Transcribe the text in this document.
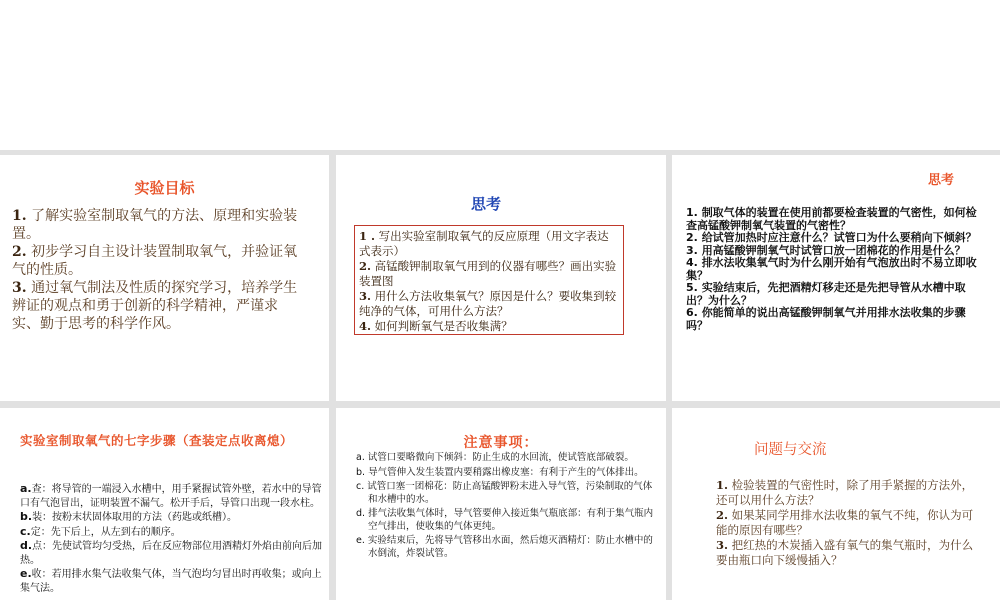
实验目标

1. 了解实验室制取氧气的方法、原理和实验装置。

2. 初步学习自主设计装置制取氧气，并验证氧气的性质。

3. 通过氧气制法及性质的探究学习，培养学生辨证的观点和勇于创新的科学精神，严谨求实、勤于思考的科学作风。

思考

1 . 写出实验室制取氧气的反应原理（用文字表达式表示）

2. 高锰酸钾制取氧气用到的仪器有哪些？画出实验装置图

3. 用什么方法收集氧气？原因是什么？要收集到较纯净的气体，可用什么方法？

4. 如何判断氧气是否收集满？

思考

1. 制取气体的装置在使用前都要检查装置的气密性，如何检查高锰酸钾制氧气装置的气密性？

2. 给试管加热时应注意什么？试管口为什么要稍向下倾斜？

3. 用高锰酸钾制氧气时试管口放一团棉花的作用是什么？

4. 排水法收集氧气时为什么刚开始有气泡放出时不易立即收集？

5. 实验结束后，先把酒精灯移走还是先把导管从水槽中取出？为什么？

6. 你能简单的说出高锰酸钾制氧气并用排水法收集的步骤吗？

实验室制取氧气的七字步骤（查装定点收离熄）

a.查：将导管的一端浸入水槽中，用手紧握试管外壁，若水中的导管口有气泡冒出，证明装置不漏气。松开手后，导管口出现一段水柱。

b.装：按粉末状固体取用的方法（药匙或纸槽）。

c.定：先下后上，从左到右的顺序。

d.点：先使试管均匀受热，后在反应物部位用酒精灯外焰由前向后加热。

e.收：若用排水集气法收集气体，当气泡均匀冒出时再收集；或向上集气法。

注意事项：

a. 试管口要略微向下倾斜：防止生成的水回流，使试管底部破裂。

b. 导气管伸入发生装置内要稍露出橡皮塞：有利于产生的气体排出。

c. 试管口塞一团棉花：防止高锰酸钾粉末进入导气管，污染制取的气体和水槽中的水。

d. 排气法收集气体时，导气管要伸入接近集气瓶底部：有利于集气瓶内空气排出，使收集的气体更纯。

e. 实验结束后，先将导气管移出水面，然后熄灭酒精灯：防止水槽中的水倒流，炸裂试管。

问题与交流

1. 检验装置的气密性时，除了用手紧握的方法外，还可以用什么方法？

2. 如果某同学用排水法收集的氧气不纯，你认为可能的原因有哪些？

3. 把红热的木炭插入盛有氧气的集气瓶时，为什么要由瓶口向下缓慢插入？
